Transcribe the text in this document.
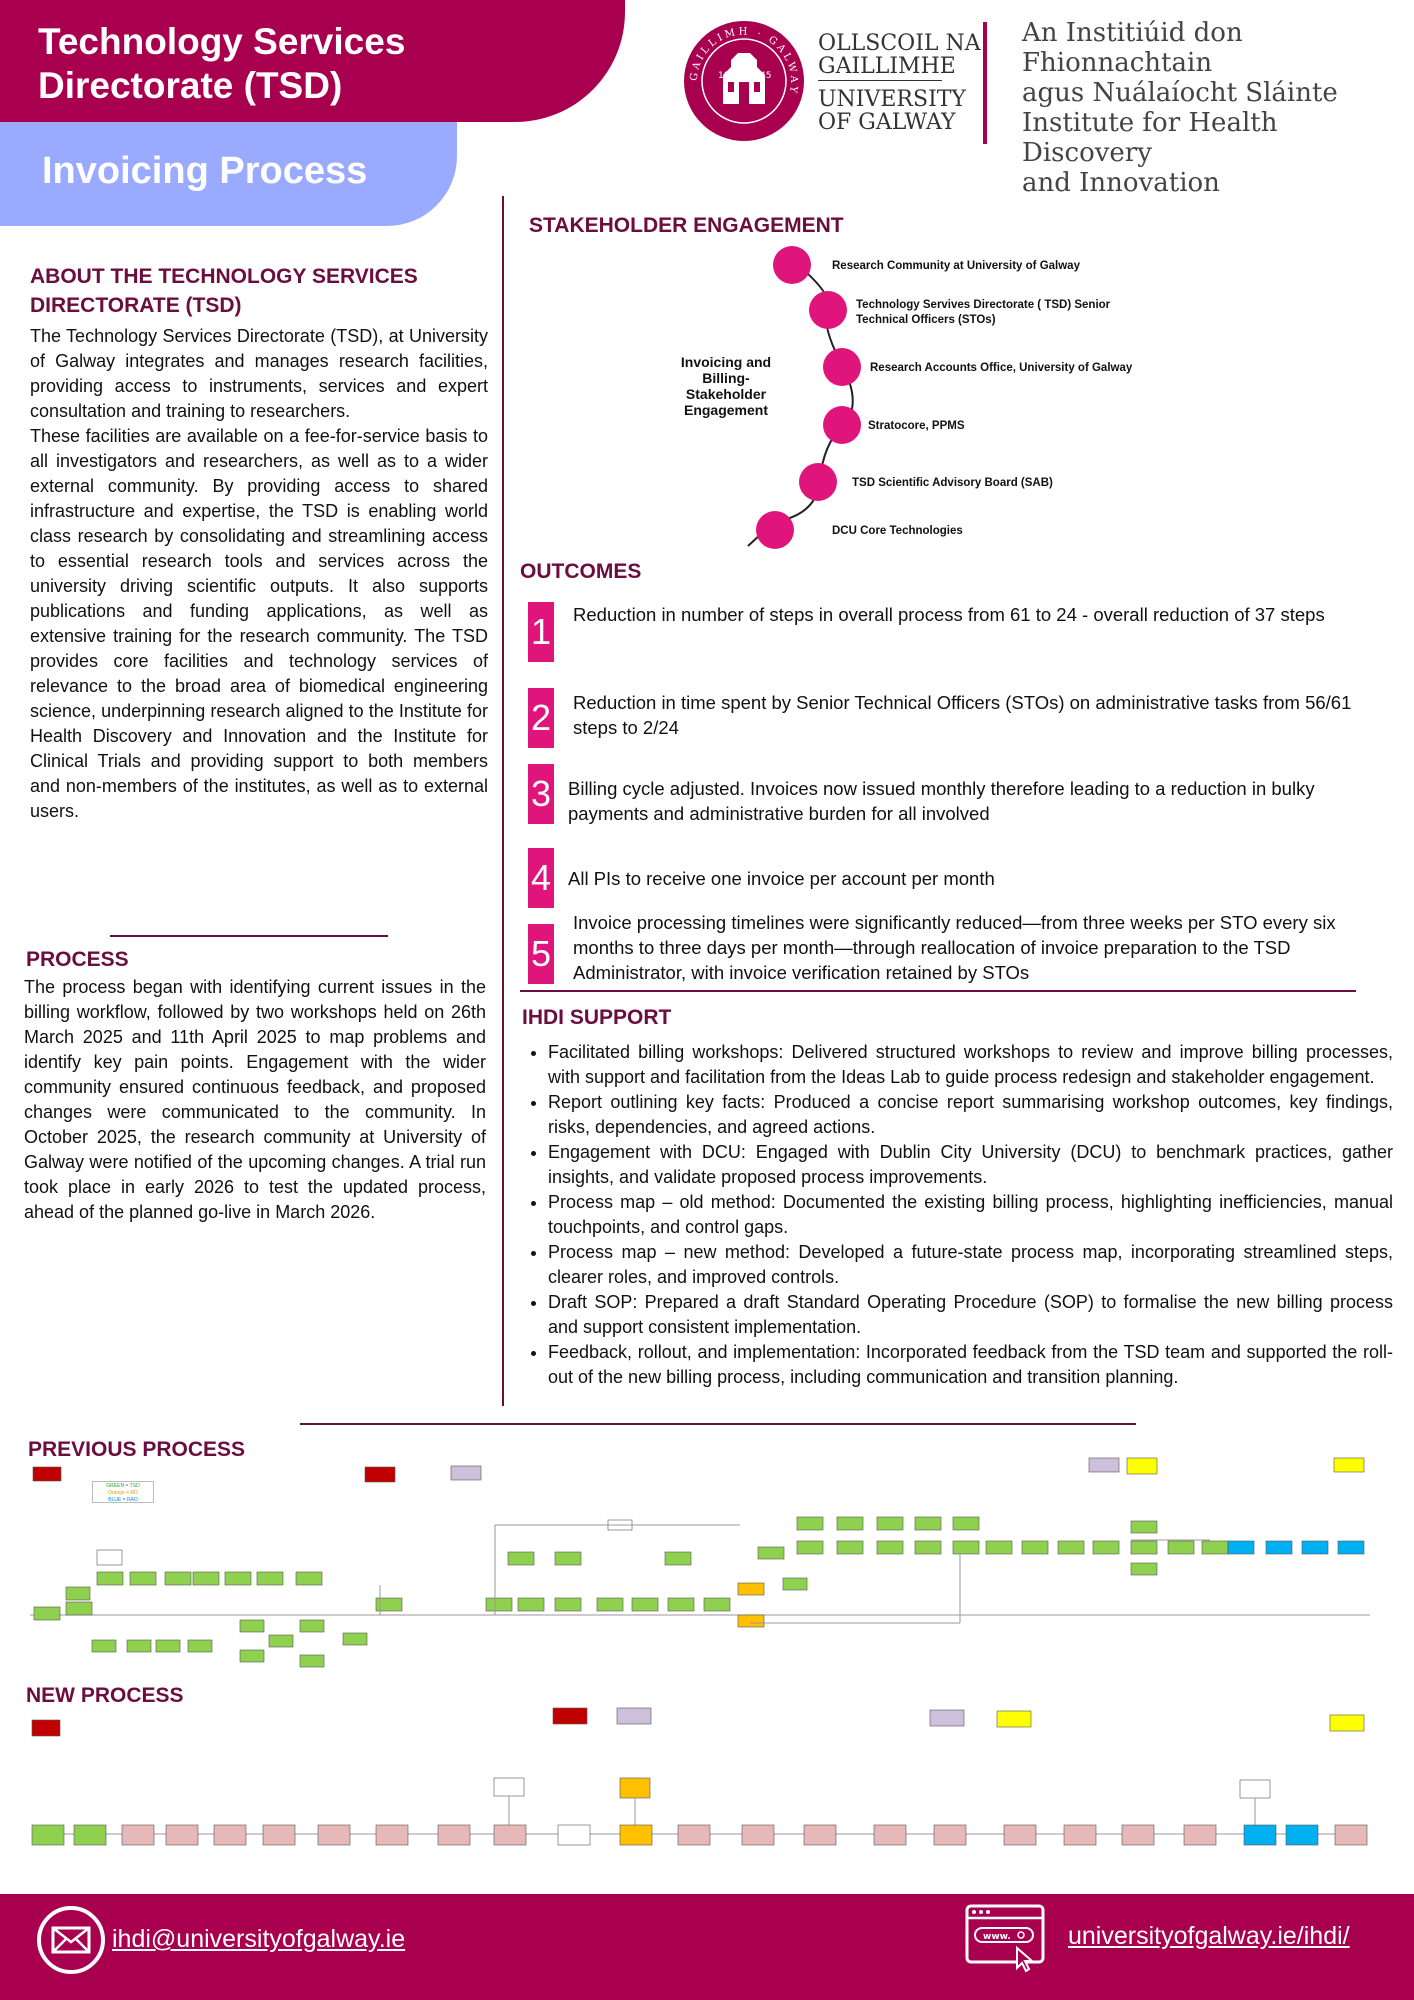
Technology Services
Directorate (TSD)
Invoicing Process
18	45
GAILLIMH · GALWAY
OLLSCOIL NA
GAILLIMHE
UNIVERSITY
OF GALWAY
An Institiúid don Fhionnachtain
agus Nuálaíocht Sláinte
Institute for Health Discovery
and Innovation
ABOUT THE TECHNOLOGY SERVICES DIRECTORATE (TSD)
The Technology Services Directorate (TSD), at University of Galway integrates and manages research facilities, providing access to instruments, services and expert consultation and training to researchers.
These facilities are available on a fee-for-service basis to all investigators and researchers, as well as to a wider external community. By providing access to shared infrastructure and expertise, the TSD is enabling world class research by consolidating and streamlining access to essential research tools and services across the university driving scientific outputs. It also supports publications and funding applications, as well as extensive training for the research community. The TSD provides core facilities and technology services of relevance to the broad area of biomedical engineering science, underpinning research aligned to the Institute for Health Discovery and Innovation and the Institute for Clinical Trials and providing support to both members and non-members of the institutes, as well as to external users.
PROCESS
The process began with identifying current issues in the billing workflow, followed by two workshops held on 26th March 2025 and 11th April 2025 to map problems and identify key pain points. Engagement with the wider community ensured continuous feedback, and proposed changes were communicated to the community. In October 2025, the research community at University of Galway were notified of the upcoming changes. A trial run took place in early 2026 to test the updated process, ahead of the planned go-live in March 2026.
STAKEHOLDER ENGAGEMENT
Invoicing and
Billing-
Stakeholder
Engagement
Research Community at University of Galway
Technology Servives Directorate ( TSD) Senior
Technical Officers (STOs)
Research Accounts Office, University of Galway
Stratocore, PPMS
TSD Scientific Advisory Board (SAB)
DCU Core Technologies
OUTCOMES
1 Reduction in number of steps in overall process from 61 to 24 - overall reduction of 37 steps
2 Reduction in time spent by Senior Technical Officers (STOs) on administrative tasks from 56/61 steps to 2/24
3 Billing cycle adjusted. Invoices now issued monthly therefore leading to a reduction in bulky payments and administrative burden for all involved
4 All PIs to receive one invoice per account per month
5
Invoice processing timelines were significantly reduced—from three weeks per STO every six months to three days per month—through reallocation of invoice preparation to the TSD Administrator, with invoice verification retained by STOs
IHDI SUPPORT
• Facilitated billing workshops: Delivered structured workshops to review and improve billing processes, with support and facilitation from the Ideas Lab to guide process redesign and stakeholder engagement.
• Report outlining key facts: Produced a concise report summarising workshop outcomes, key findings, risks, dependencies, and agreed actions.
• Engagement with DCU: Engaged with Dublin City University (DCU) to benchmark practices, gather insights, and validate proposed process improvements.
• Process map – old method: Documented the existing billing process, highlighting inefficiencies, manual touchpoints, and control gaps.
• Process map – new method: Developed a future-state process map, incorporating streamlined steps, clearer roles, and improved controls.
• Draft SOP: Prepared a draft Standard Operating Procedure (SOP) to formalise the new billing process and support consistent implementation.
• Feedback, rollout, and implementation: Incorporated feedback from the TSD team and supported the roll-out of the new billing process, including communication and transition planning.
PREVIOUS PROCESS
GREEN = TSD
Orange = RO
BLUE = RAO
NEW PROCESS
ihdi@universityofgalway.ie	www. universityofgalway.ie/ihdi/
